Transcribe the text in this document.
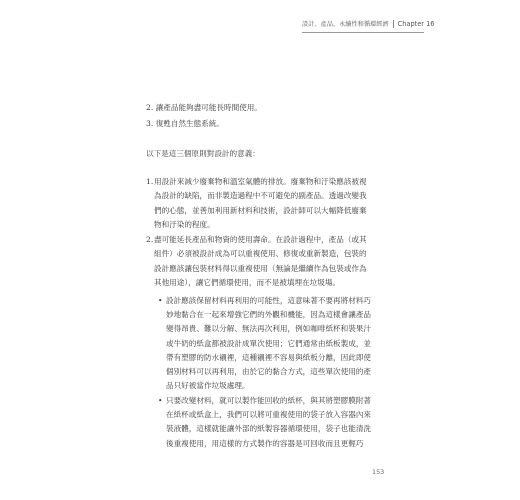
設計、產品、永續性和循環經濟 Chapter 16
2. 讓產品能夠盡可能長時間使用。
3. 復甦自然生態系統。
以下是這三個原則對設計的意義：
1. 用設計來減少廢棄物和溫室氣體的排放。廢棄物和汙染應該被視
為設計的缺陷，而非製造過程中不可避免的副產品。透過改變我
們的心態，並善加利用新材料和技術，設計師可以大幅降低廢棄
物和汙染的程度。
2. 盡可能延長產品和物資的使用壽命。在設計過程中，產品（或其
組件）必須被設計成為可以重複使用、修復或重新製造，包裝的
設計應該讓包裝材料得以重複使用（無論是繼續作為包裝或作為
其他用途），讓它們循環使用，而不是被填埋在垃圾場。
• 設計應該保留材料再利用的可能性，這意味著不要再將材料巧
妙地黏合在一起來增強它們的外觀和機能，因為這樣會讓產品
變得昂貴、難以分解、無法再次利用，例如咖啡紙杯和裝果汁
或牛奶的紙盒都被設計成單次使用；它們通常由紙板製成，並
帶有塑膠的防水襯裡，這種襯裡不容易與紙板分離，因此即使
個別材料可以再利用，由於它的黏合方式，這些單次使用的產
品只好被當作垃圾處理。
• 只要改變材料，就可以製作能回收的紙杯，與其將塑膠膜附著
在紙杯或紙盒上，我們可以將可重複使用的袋子放入容器內來
裝液體，這樣就能讓外部的紙製容器循環使用，袋子也能清洗
後重複使用，用這樣的方式製作的容器是可回收而且更輕巧
153
